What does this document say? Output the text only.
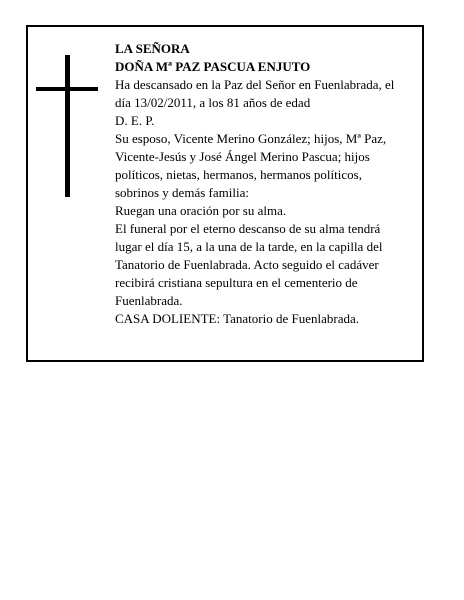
LA SEÑORA
DOÑA Mª PAZ PASCUA ENJUTO
Ha descansado en la Paz del Señor en Fuenlabrada, el
día 13/02/2011, a los 81 años de edad
D. E. P.
Su esposo, Vicente Merino González; hijos, Mª Paz,
Vicente-Jesús y José Ángel Merino Pascua; hijos
políticos, nietas, hermanos, hermanos políticos,
sobrinos y demás familia:
Ruegan una oración por su alma.
El funeral por el eterno descanso de su alma tendrá
lugar el día 15, a la una de la tarde, en la capilla del
Tanatorio de Fuenlabrada. Acto seguido el cadáver
recibirá cristiana sepultura en el cementerio de
Fuenlabrada.
CASA DOLIENTE: Tanatorio de Fuenlabrada.
